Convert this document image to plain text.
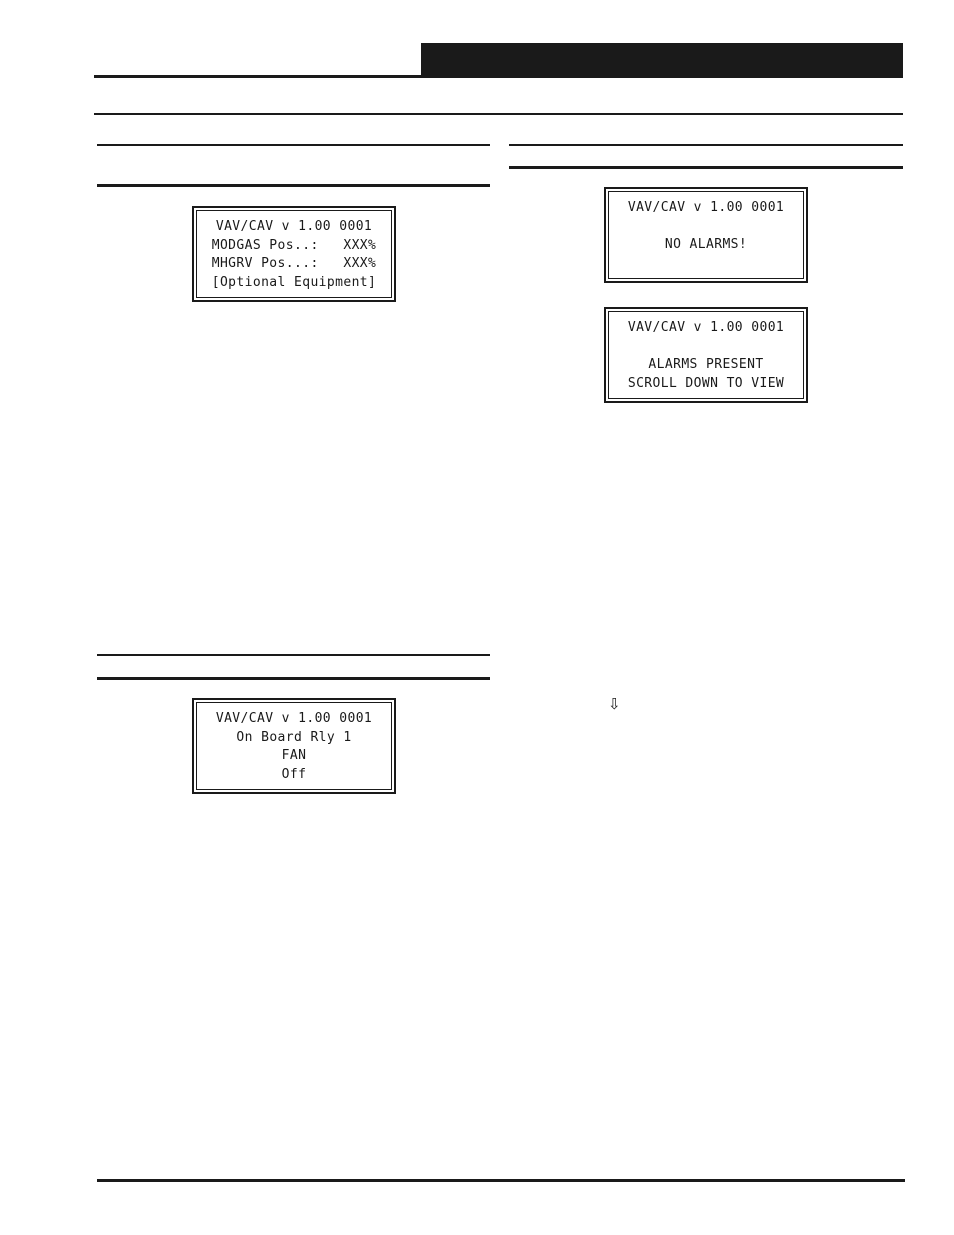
VAV/CAV v 1.00 0001
MODGAS Pos..:   XXX%
MHGRV Pos...:   XXX%
[Optional Equipment]
VAV/CAV v 1.00 0001
On Board Rly 1
FAN
Off
VAV/CAV v 1.00 0001
NO ALARMS!
VAV/CAV v 1.00 0001
ALARMS PRESENT
SCROLL DOWN TO VIEW
⇩
